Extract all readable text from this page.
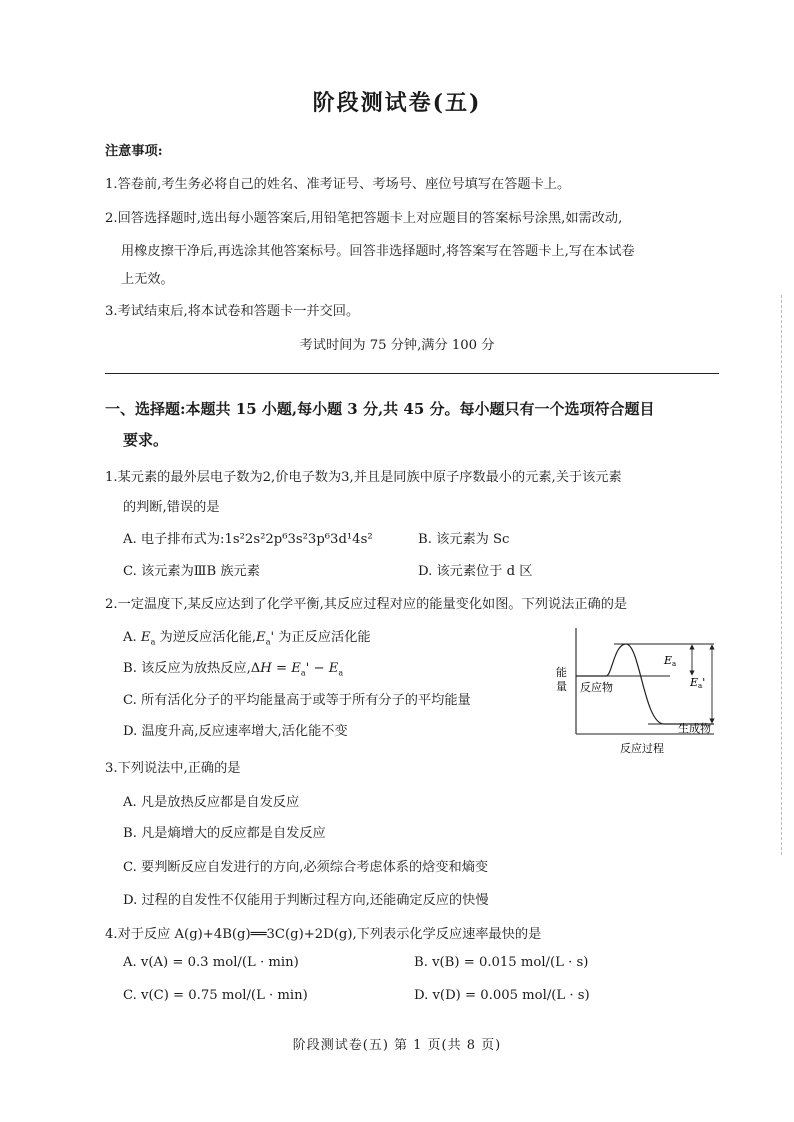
阶段测试卷(五)
注意事项:
1.答卷前,考生务必将自己的姓名、准考证号、考场号、座位号填写在答题卡上。
2.回答选择题时,选出每小题答案后,用铅笔把答题卡上对应题目的答案标号涂黑,如需改动,
用橡皮擦干净后,再选涂其他答案标号。回答非选择题时,将答案写在答题卡上,写在本试卷
上无效。
3.考试结束后,将本试卷和答题卡一并交回。
考试时间为 75 分钟,满分 100 分
一、选择题:本题共 15 小题,每小题 3 分,共 45 分。每小题只有一个选项符合题目
要求。
1.某元素的最外层电子数为2,价电子数为3,并且是同族中原子序数最小的元素,关于该元素
的判断,错误的是
A. 电子排布式为:1s²2s²2p⁶3s²3p⁶3d¹4s²	B. 该元素为 Sc
C. 该元素为ⅢB 族元素	D. 该元素位于 d 区
2.一定温度下,某反应达到了化学平衡,其反应过程对应的能量变化如图。下列说法正确的是
A. $E_a$ 为逆反应活化能$,E_a'$ 为正反应活化能
B. 该反应为放热反应$,\Delta H = E_a' - E_a$
C. 所有活化分子的平均能量高于或等于所有分子的平均能量
D. 温度升高,反应速率增大,活化能不变
Ea
Ea'
能
量 反应物
生成物
反应过程
3.下列说法中,正确的是
A. 凡是放热反应都是自发反应
B. 凡是熵增大的反应都是自发反应
C. 要判断反应自发进行的方向,必须综合考虑体系的焓变和熵变
D. 过程的自发性不仅能用于判断过程方向,还能确定反应的快慢
4.对于反应 A(g)+4B(g)══3C(g)+2D(g),下列表示化学反应速率最快的是
A. v(A) = 0.3 mol/(L · min)	B. v(B) = 0.015 mol/(L · s)
C. v(C) = 0.75 mol/(L · min)	D. v(D) = 0.005 mol/(L · s)
阶段测试卷(五) 第 1 页(共 8 页)
